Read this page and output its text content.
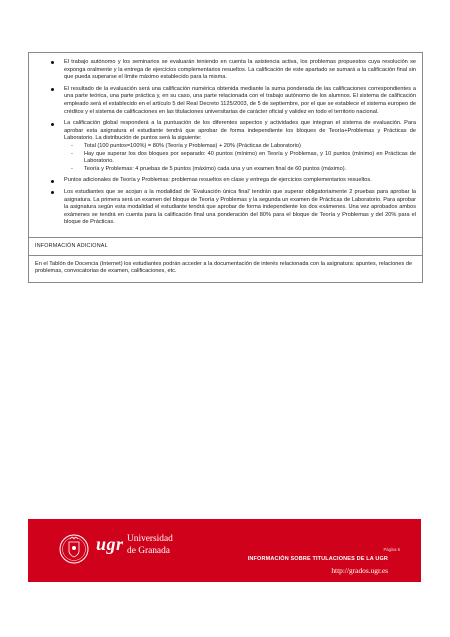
El trabajo autónomo y los seminarios se evaluarán teniendo en cuenta la asistencia activa, los problemas propuestos cuya resolución se exponga oralmente y la entrega de ejercicios complementarios resueltos. La calificación de este apartado se sumará a la calificación final sin que pueda superarse el límite máximo establecido para la misma.
El resultado de la evaluación será una calificación numérica obtenida mediante la suma ponderada de las calificaciones correspondientes a una parte teórica, una parte práctica y, en su caso, una parte relacionada con el trabajo autónomo de los alumnos. El sistema de calificación empleado será el establecido en el artículo 5 del Real Decreto 1125/2003, de 5 de septiembre, por el que se establece el sistema europeo de créditos y el sistema de calificaciones en las titulaciones universitarias de carácter oficial y validez en todo el territorio nacional.
La calificación global responderá a la puntuación de los diferentes aspectos y actividades que integran el sistema de evaluación. Para aprobar esta asignatura el estudiante tendrá que aprobar de forma independiente los bloques de Teoría+Problemas y Prácticas de Laboratorio. La distribución de puntos será la siguiente:
- Total (100 puntos=100%) = 80% (Teoría y Problemas) + 20% (Prácticas de Laboratorio)
- Hay que superar los dos bloques por separado: 40 puntos (mínimo) en Teoría y Problemas, y 10 puntos (mínimo) en Prácticas de Laboratorio.
- Teoría y Problemas: 4 pruebas de 5 puntos (máximo) cada una y un examen final de 60 puntos (máximo).
Puntos adicionales de Teoría y Problemas: problemas resueltos en clase y entrega de ejercicios complementarios resueltos.
Los estudiantes que se acojan a la modalidad de 'Evaluación única final' tendrán que superar obligatoriamente 2 pruebas para aprobar la asignatura. La primera será un examen del bloque de Teoría y Problemas y la segunda un examen de Prácticas de Laboratorio. Para aprobar la asignatura según esta modalidad el estudiante tendrá que aprobar de forma independiente los dos exámenes. Una vez aprobados ambos exámenes se tendrá en cuenta para la calificación final una ponderación del 80% para el bloque de Teoría y Problemas y del 20% para el bloque de Prácticas.
INFORMACIÓN ADICIONAL
En el Tablón de Docencia (Internet) los estudiantes podrán acceder a la documentación de interés relacionada con la asignatura: apuntes, relaciones de problemas, convocatorias de examen, calificaciones, etc.
ugr Universidad
de Granada	Página 6
INFORMACIÓN SOBRE TITULACIONES DE LA UGR
http://grados.ugr.es
